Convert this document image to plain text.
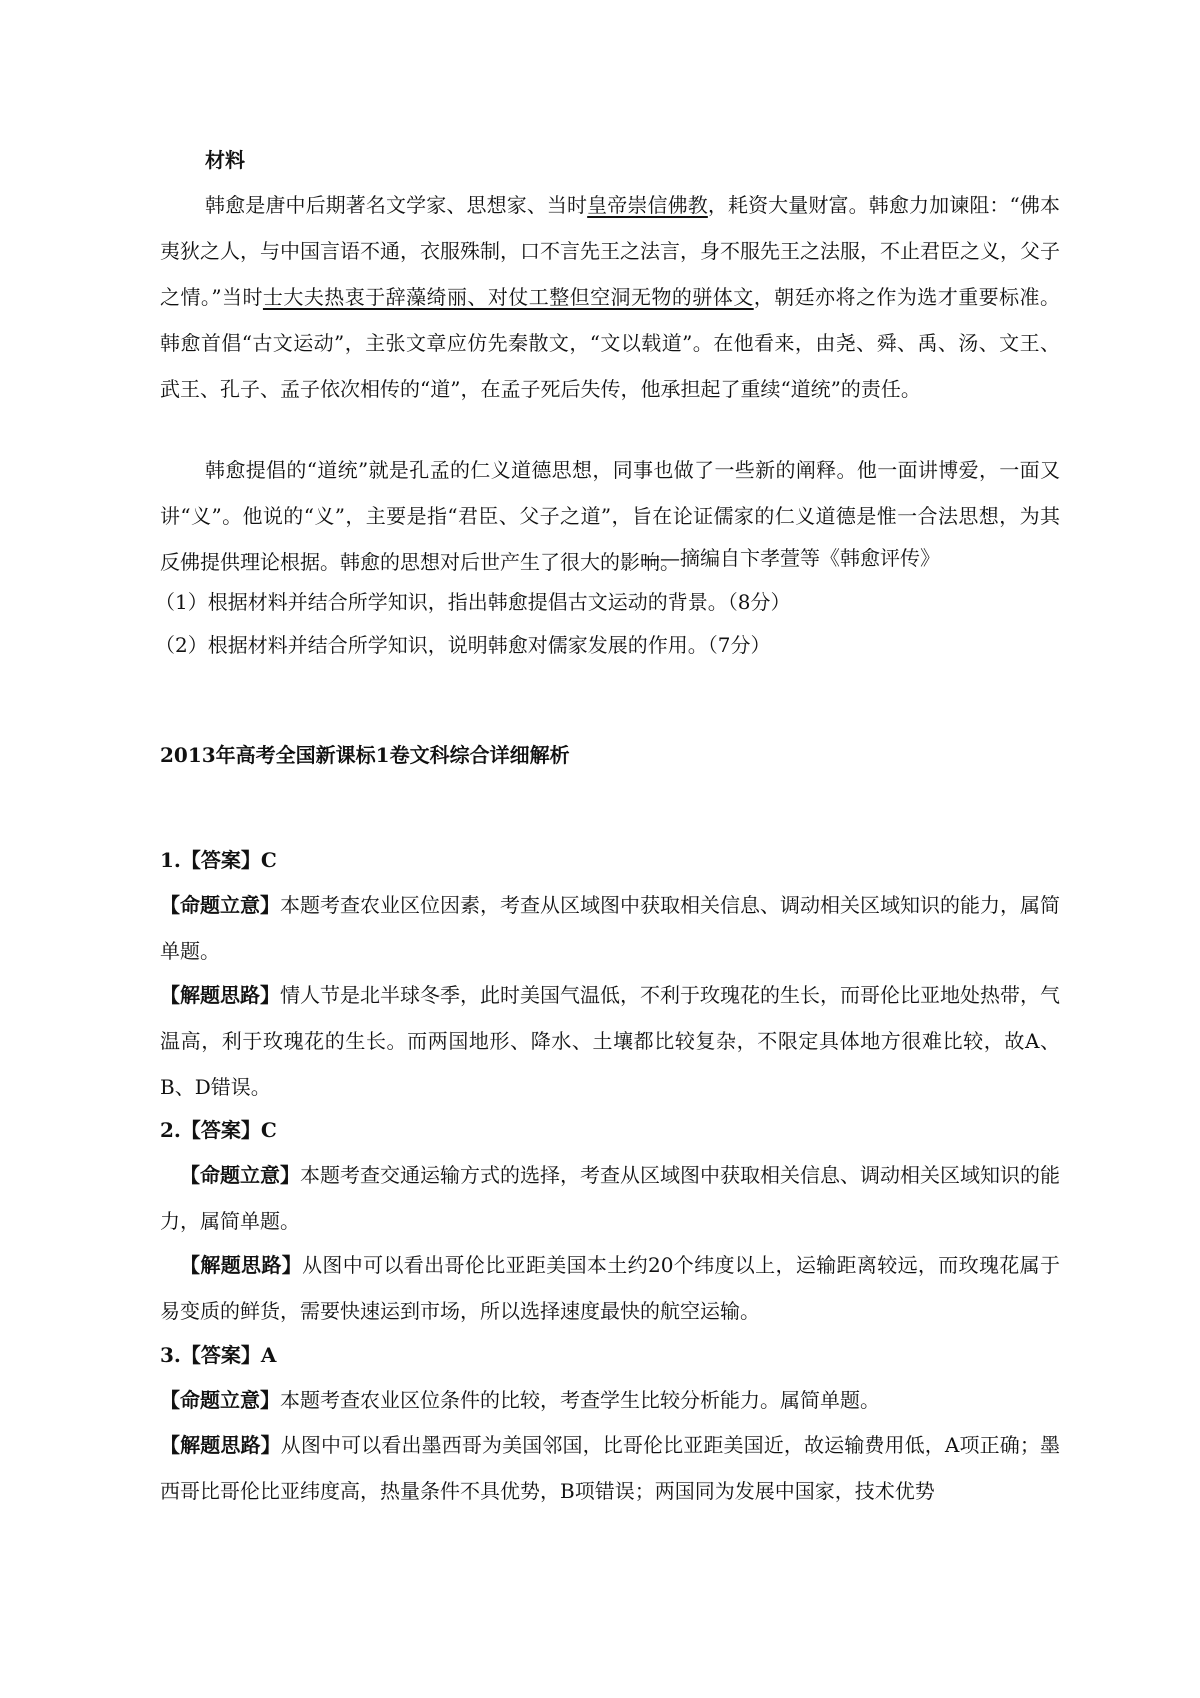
材料

韩愈是唐中后期著名文学家、思想家、当时皇帝崇信佛教，耗资大量财富。韩愈力加谏阻：“佛本夷狄之人，与中国言语不通，衣服殊制，口不言先王之法言，身不服先王之法服，不止君臣之义，父子之情。”当时士大夫热衷于辞藻绮丽、对仗工整但空洞无物的骈体文，朝廷亦将之作为选才重要标准。韩愈首倡“古文运动”，主张文章应仿先秦散文，“文以载道”。在他看来，由尧、舜、禹、汤、文王、武王、孔子、孟子依次相传的“道”，在孟子死后失传，他承担起了重续“道统”的责任。

韩愈提倡的“道统”就是孔孟的仁义道德思想，同事也做了一些新的阐释。他一面讲博爱，一面又讲“义”。他说的“义”，主要是指“君臣、父子之道”，旨在论证儒家的仁义道德是惟一合法思想，为其反佛提供理论根据。韩愈的思想对后世产生了很大的影响。

——摘编自卞孝萱等《韩愈评传》

（1）根据材料并结合所学知识，指出韩愈提倡古文运动的背景。（8分）

（2）根据材料并结合所学知识，说明韩愈对儒家发展的作用。（7分）

2013年高考全国新课标1卷文科综合详细解析

1.【答案】C

【命题立意】本题考查农业区位因素，考查从区域图中获取相关信息、调动相关区域知识的能力，属简单题。

【解题思路】情人节是北半球冬季，此时美国气温低，不利于玫瑰花的生长，而哥伦比亚地处热带，气温高，利于玫瑰花的生长。而两国地形、降水、土壤都比较复杂，不限定具体地方很难比较，故A、B、D错误。

2.【答案】C

【命题立意】本题考查交通运输方式的选择，考查从区域图中获取相关信息、调动相关区域知识的能力，属简单题。

【解题思路】从图中可以看出哥伦比亚距美国本土约20个纬度以上，运输距离较远，而玫瑰花属于易变质的鲜货，需要快速运到市场，所以选择速度最快的航空运输。

3.【答案】A

【命题立意】本题考查农业区位条件的比较，考查学生比较分析能力。属简单题。

【解题思路】从图中可以看出墨西哥为美国邻国，比哥伦比亚距美国近，故运输费用低，A项正确；墨西哥比哥伦比亚纬度高，热量条件不具优势，B项错误；两国同为发展中国家，技术优势
